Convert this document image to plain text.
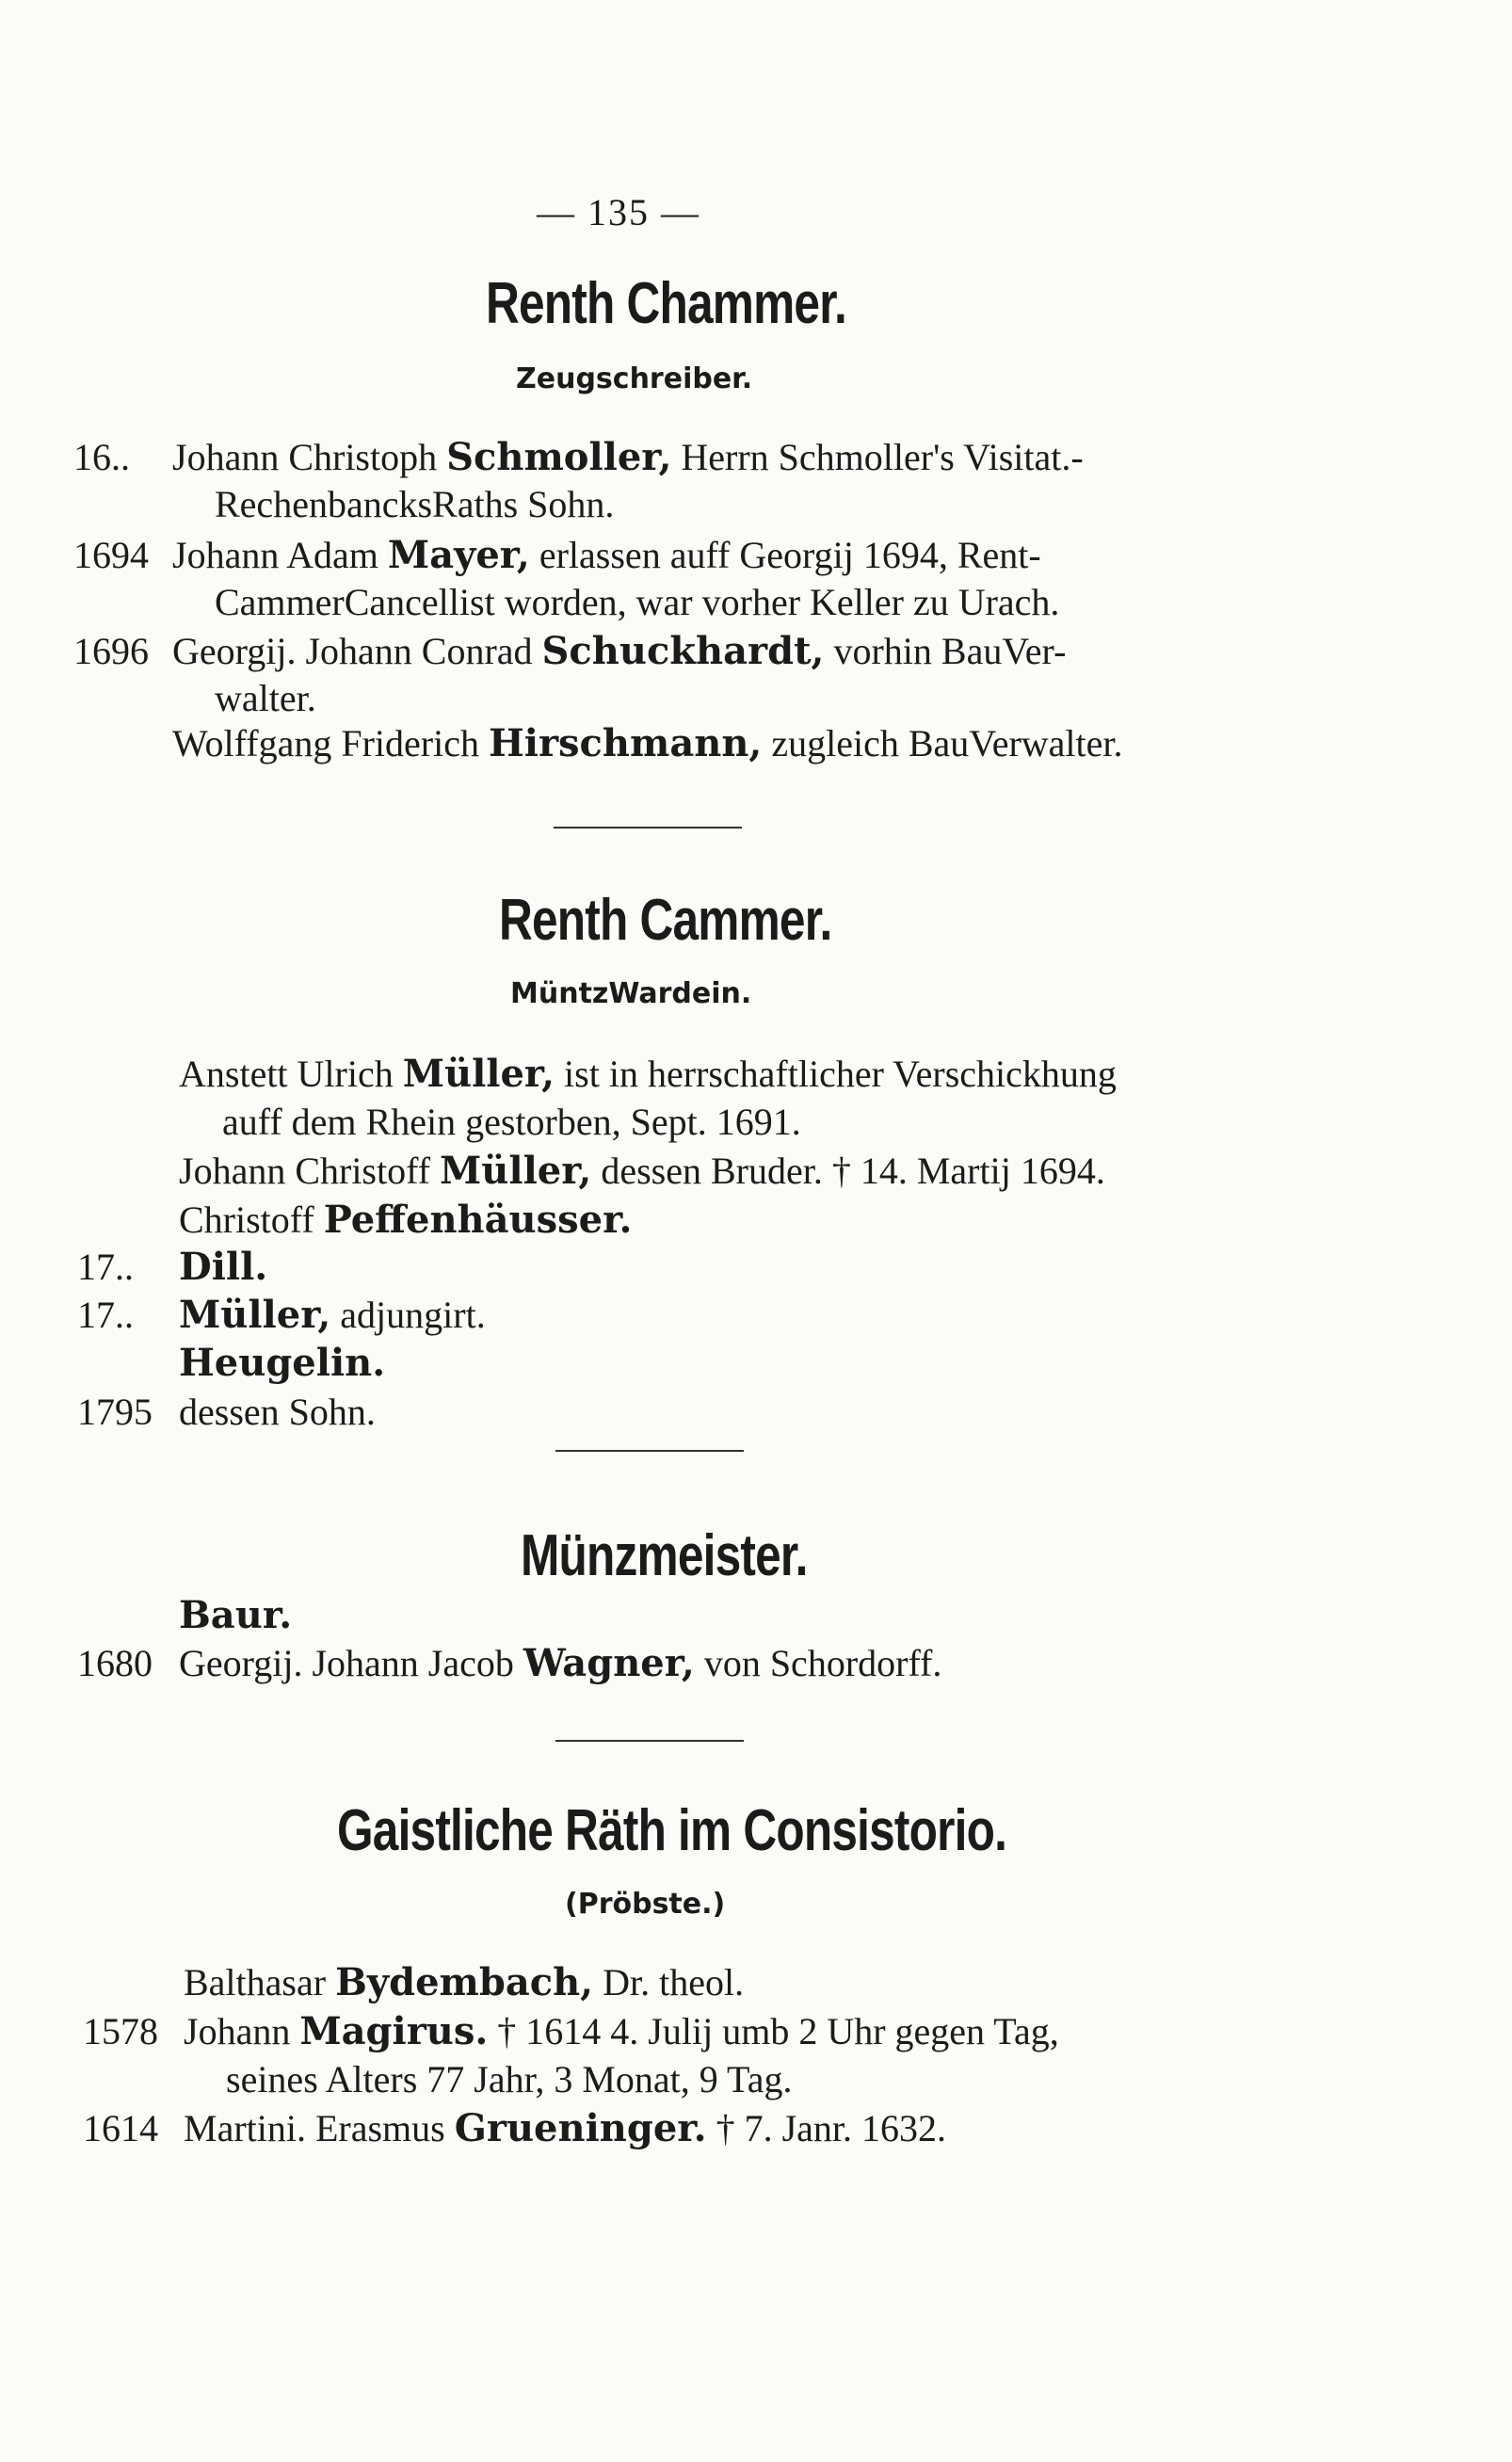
— 135 —
Renth Chammer.
Zeugschreiber.
16.. Johann Christoph Schmoller, Herrn Schmoller's Visitat.-
RechenbancksRaths Sohn.
1694 Johann Adam Mayer, erlassen auff Georgij 1694, Rent-
CammerCancellist worden, war vorher Keller zu Urach.
1696 Georgij. Johann Conrad Schuckhardt, vorhin BauVer-
walter.
Wolffgang Friderich Hirschmann, zugleich BauVerwalter.
Renth Cammer.
MüntzWardein.
Anstett Ulrich Müller, ist in herrschaftlicher Verschickhung
auff dem Rhein gestorben, Sept. 1691.
Johann Christoff Müller, dessen Bruder. † 14. Martij 1694.
Christoff Peffenhäusser.
17.. Dill.
17.. Müller, adjungirt.
Heugelin.
1795 dessen Sohn.
Münzmeister.
Baur.
1680 Georgij. Johann Jacob Wagner, von Schordorff.
Gaistliche Räth im Consistorio.
(Pröbste.)
Balthasar Bydembach, Dr. theol.
1578 Johann Magirus. † 1614 4. Julij umb 2 Uhr gegen Tag,
seines Alters 77 Jahr, 3 Monat, 9 Tag.
1614 Martini. Erasmus Grueninger. † 7. Janr. 1632.
